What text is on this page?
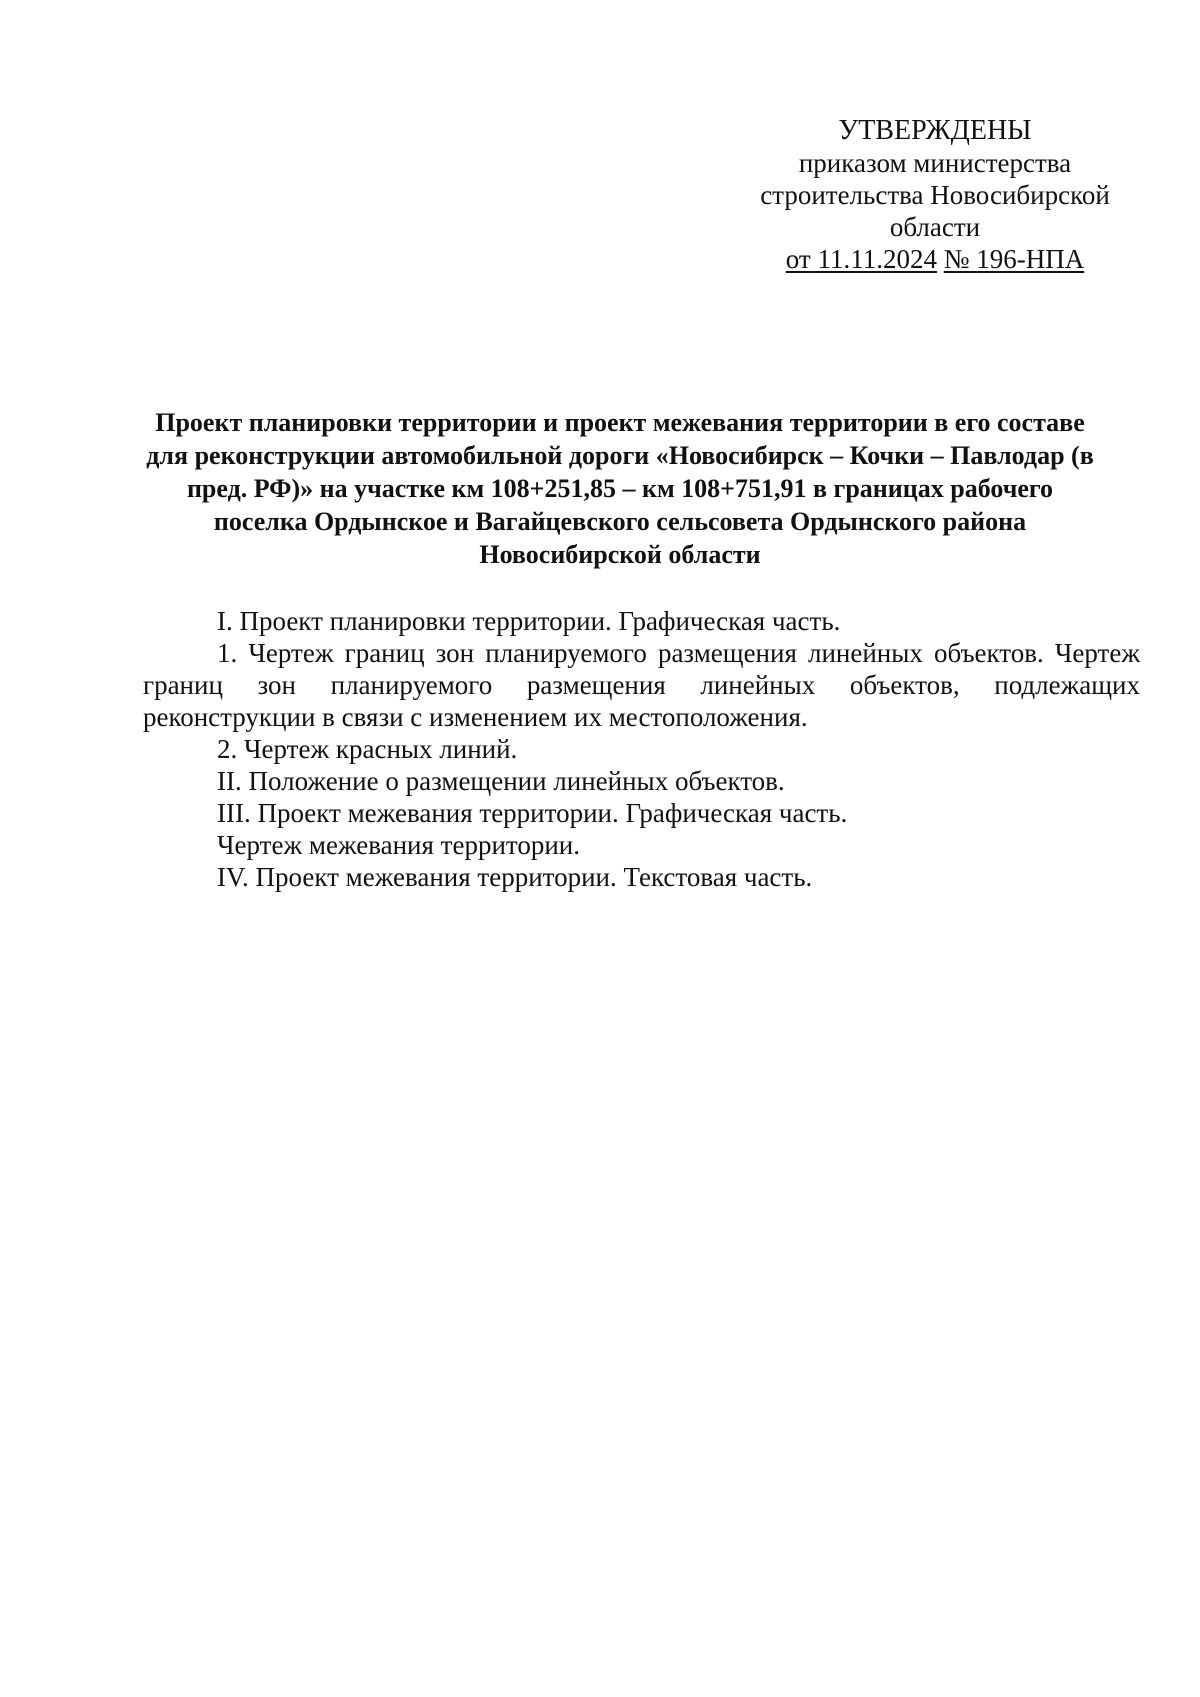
УТВЕРЖДЕНЫ
приказом министерства
строительства Новосибирской
области
от 11.11.2024 № 196-НПА
Проект планировки территории и проект межевания территории в его составе для реконструкции автомобильной дороги «Новосибирск – Кочки – Павлодар (в пред. РФ)» на участке км 108+251,85 – км 108+751,91 в границах рабочего поселка Ордынское и Вагайцевского сельсовета Ордынского района Новосибирской области

I. Проект планировки территории. Графическая часть.

1. Чертеж границ зон планируемого размещения линейных объектов. Чертеж границ зон планируемого размещения линейных объектов, подлежащих реконструкции в связи с изменением их местоположения.

2. Чертеж красных линий.

II. Положение о размещении линейных объектов.

III. Проект межевания территории. Графическая часть.

Чертеж межевания территории.

IV. Проект межевания территории. Текстовая часть.
